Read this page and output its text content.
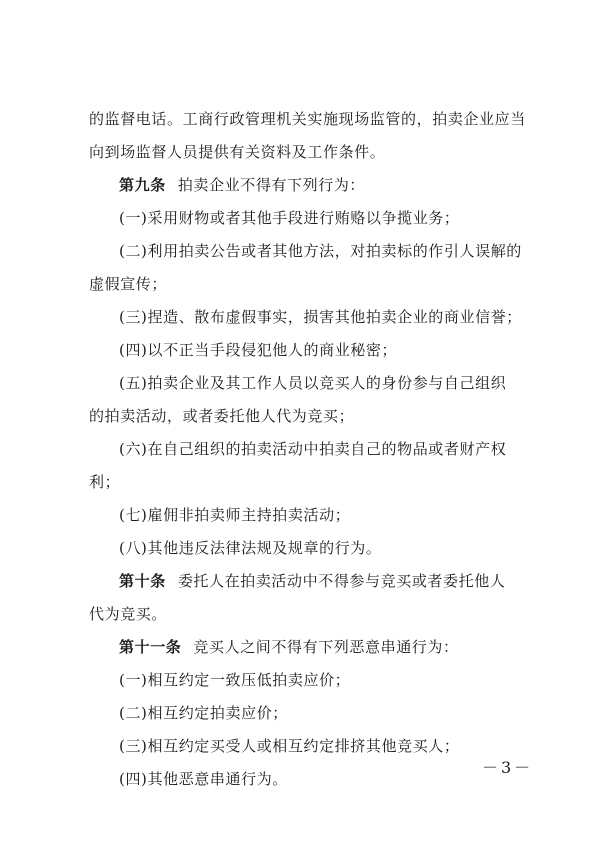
的监督电话。工商行政管理机关实施现场监管的，拍卖企业应当
向到场监督人员提供有关资料及工作条件。
第九条 拍卖企业不得有下列行为：
(一)采用财物或者其他手段进行贿赂以争揽业务；
(二)利用拍卖公告或者其他方法，对拍卖标的作引人误解的
虚假宣传；
(三)捏造、散布虚假事实，损害其他拍卖企业的商业信誉；
(四)以不正当手段侵犯他人的商业秘密；
(五)拍卖企业及其工作人员以竞买人的身份参与自己组织
的拍卖活动，或者委托他人代为竞买；
(六)在自己组织的拍卖活动中拍卖自己的物品或者财产权
利；
(七)雇佣非拍卖师主持拍卖活动；
(八)其他违反法律法规及规章的行为。
第十条 委托人在拍卖活动中不得参与竞买或者委托他人
代为竞买。
第十一条 竞买人之间不得有下列恶意串通行为：
(一)相互约定一致压低拍卖应价；
(二)相互约定拍卖应价；
(三)相互约定买受人或相互约定排挤其他竞买人；
(四)其他恶意串通行为。
－3－
